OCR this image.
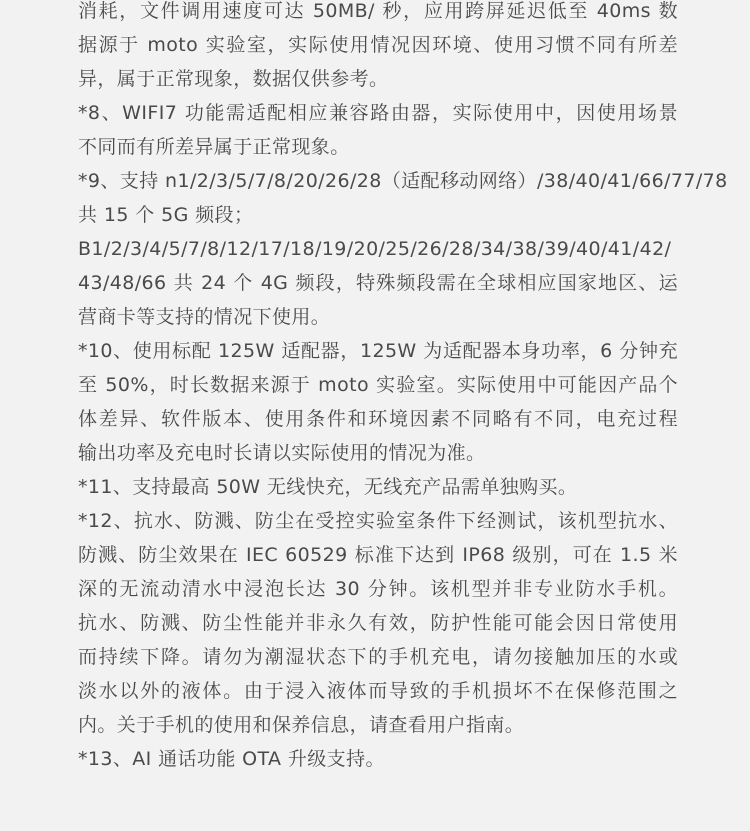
消耗，文件调用速度可达 50MB/ 秒，应用跨屏延迟低至 40ms 数
据源于 moto 实验室，实际使用情况因环境、使用习惯不同有所差
异，属于正常现象，数据仅供参考。
*8、WIFI7 功能需适配相应兼容路由器，实际使用中，因使用场景
不同而有所差异属于正常现象。
*9、支持 n1/2/3/5/7/8/20/26/28（适配移动网络）/38/40/41/66/77/78
共 15 个 5G 频段；
B1/2/3/4/5/7/8/12/17/18/19/20/25/26/28/34/38/39/40/41/42/
43/48/66 共 24 个 4G 频段，特殊频段需在全球相应国家地区、运
营商卡等支持的情况下使用。
*10、使用标配 125W 适配器，125W 为适配器本身功率，6 分钟充
至 50%，时长数据来源于 moto 实验室。实际使用中可能因产品个
体差异、软件版本、使用条件和环境因素不同略有不同，电充过程
输出功率及充电时长请以实际使用的情况为准。
*11、支持最高 50W 无线快充，无线充产品需单独购买。
*12、抗水、防溅、防尘在受控实验室条件下经测试，该机型抗水、
防溅、防尘效果在 IEC 60529 标准下达到 IP68 级别，可在 1.5 米
深的无流动清水中浸泡长达 30 分钟。该机型并非专业防水手机。
抗水、防溅、防尘性能并非永久有效，防护性能可能会因日常使用
而持续下降。请勿为潮湿状态下的手机充电，请勿接触加压的水或
淡水以外的液体。由于浸入液体而导致的手机损坏不在保修范围之
内。关于手机的使用和保养信息，请查看用户指南。
*13、AI 通话功能 OTA 升级支持。
